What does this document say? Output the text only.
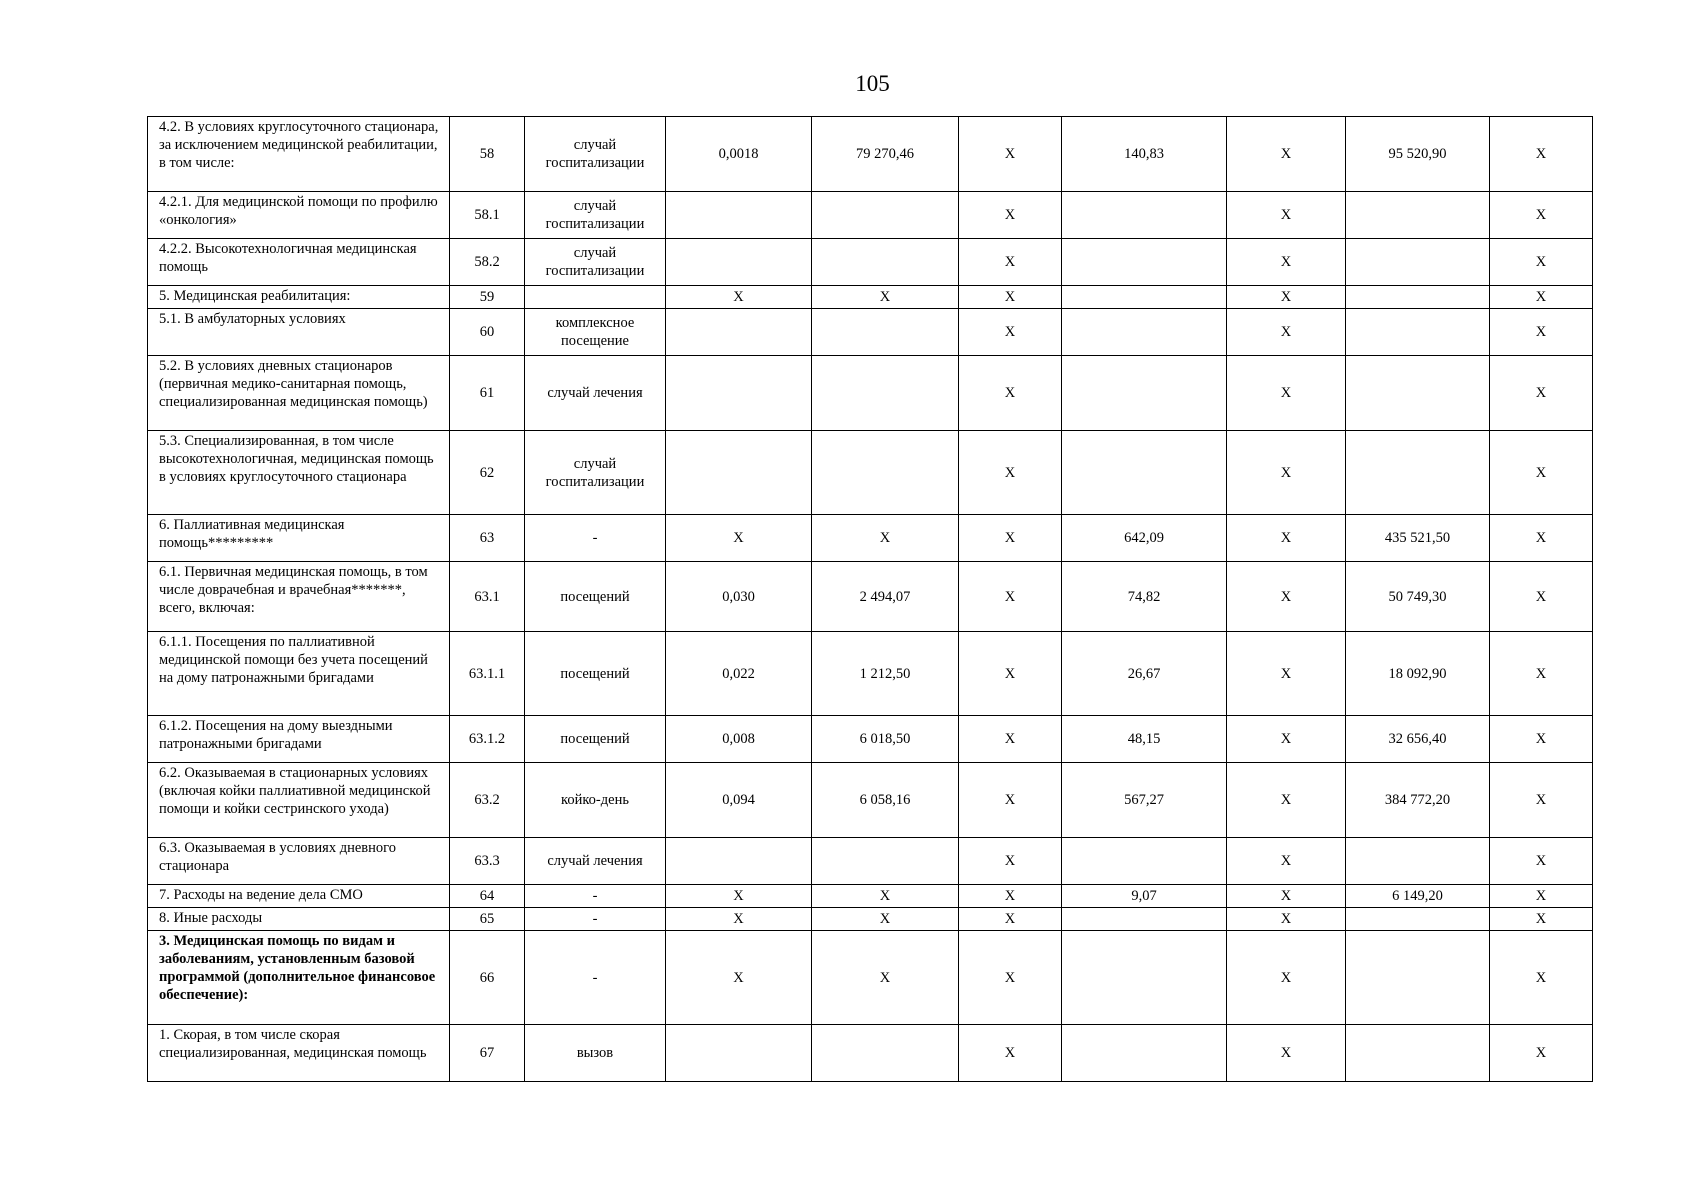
105
4.2. В условиях круглосуточного стационара, за исключением медицинской реабилитации, в том числе:	58	случай госпитализации	0,0018	79 270,46	X	140,83	X	95 520,90	X
4.2.1. Для медицинской помощи по профилю «онкология»	58.1	случай госпитализации			X		X		X
4.2.2. Высокотехнологичная медицинская помощь	58.2	случай госпитализации			X		X		X
5. Медицинская реабилитация:	59		X	X	X		X		X
5.1. В амбулаторных условиях	60	комплексное посещение			X		X		X
5.2. В условиях дневных стационаров (первичная медико-санитарная помощь, специализированная медицинская помощь)	61	случай лечения			X		X		X
5.3. Специализированная, в том числе высокотехнологичная, медицинская помощь в условиях круглосуточного стационара	62	случай госпитализации			X		X		X
6. Паллиативная медицинская помощь*********	63	-	X	X	X	642,09	X	435 521,50	X
6.1. Первичная медицинская помощь, в том числе доврачебная и врачебная*******, всего, включая:	63.1	посещений	0,030	2 494,07	X	74,82	X	50 749,30	X
6.1.1. Посещения по паллиативной медицинской помощи без учета посещений на дому патронажными бригадами	63.1.1	посещений	0,022	1 212,50	X	26,67	X	18 092,90	X
6.1.2. Посещения на дому выездными патронажными бригадами	63.1.2	посещений	0,008	6 018,50	X	48,15	X	32 656,40	X
6.2. Оказываемая в стационарных условиях (включая койки паллиативной медицинской помощи и койки сестринского ухода)	63.2	койко-день	0,094	6 058,16	X	567,27	X	384 772,20	X
6.3. Оказываемая в условиях дневного стационара	63.3	случай лечения			X		X		X
7. Расходы на ведение дела СМО	64	-	X	X	X	9,07	X	6 149,20	X
8. Иные расходы	65	-	X	X	X		X		X
3. Медицинская помощь по видам и заболеваниям, установленным базовой программой (дополнительное финансовое обеспечение):	66	-	X	X	X		X		X
1. Скорая, в том числе скорая специализированная, медицинская помощь	67	вызов			X		X		X
